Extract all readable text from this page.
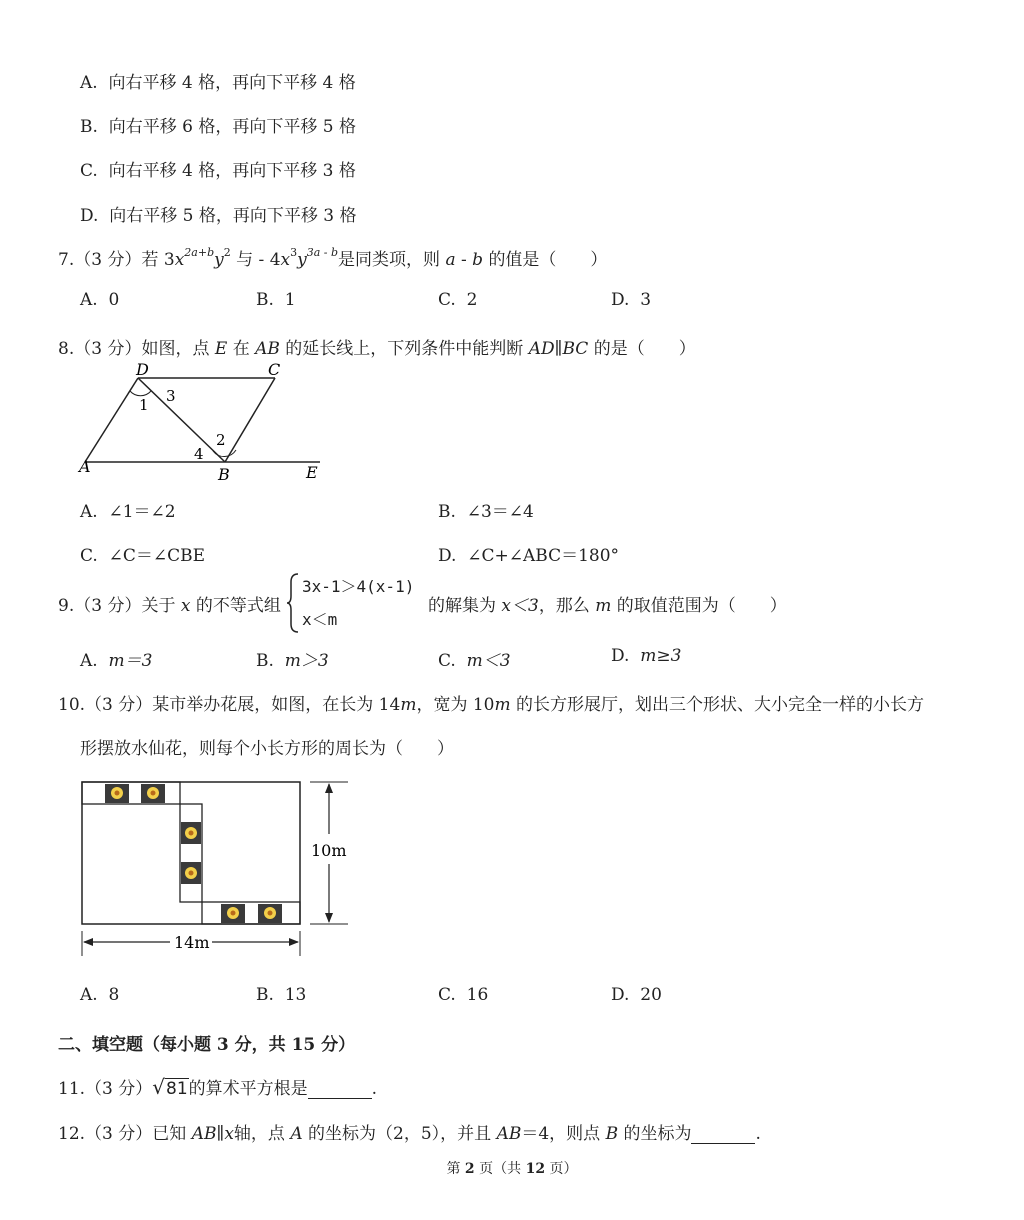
A. 向右平移 4 格，再向下平移 4 格
B. 向右平移 6 格，再向下平移 5 格
C. 向右平移 4 格，再向下平移 3 格
D. 向右平移 5 格，再向下平移 3 格
7.（3 分）若 $3x^{2a+b}y^2$ 与 - $4x^3y^{3a - b}$是同类项，则 a - b 的值是（　　）
A. 0	B. 1	C. 2	D. 3
8.（3 分）如图，点 E 在 AB 的延长线上，下列条件中能判断 AD∥BC 的是（　　）
D	C
A	B	E
1 3
2
4
A. ∠1＝∠2	B. ∠3＝∠4
C. ∠C＝∠CBE	D. ∠C+∠ABC＝180°
9.（3 分）关于 x 的不等式组
3x-1＞4(x-1)
x＜m
的解集为 x＜3，那么 m 的取值范围为（　　）
A. m＝3	B. m＞3	C. m＜3	D. m≥3
10.（3 分）某市举办花展，如图，在长为 14m，宽为 10m 的长方形展厅，划出三个形状、大小完全一样的小长方
形摆放水仙花，则每个小长方形的周长为（　　）
10m
14m
A. 8	B. 13	C. 16	D. 20
二、填空题（每小题 3 分，共 15 分）
11.（3 分）√81的算术平方根是	.
12.（3 分）已知 AB∥x轴，点 A 的坐标为（2，5），并且 AB＝4，则点 B 的坐标为	.
第 2 页（共 12 页）
